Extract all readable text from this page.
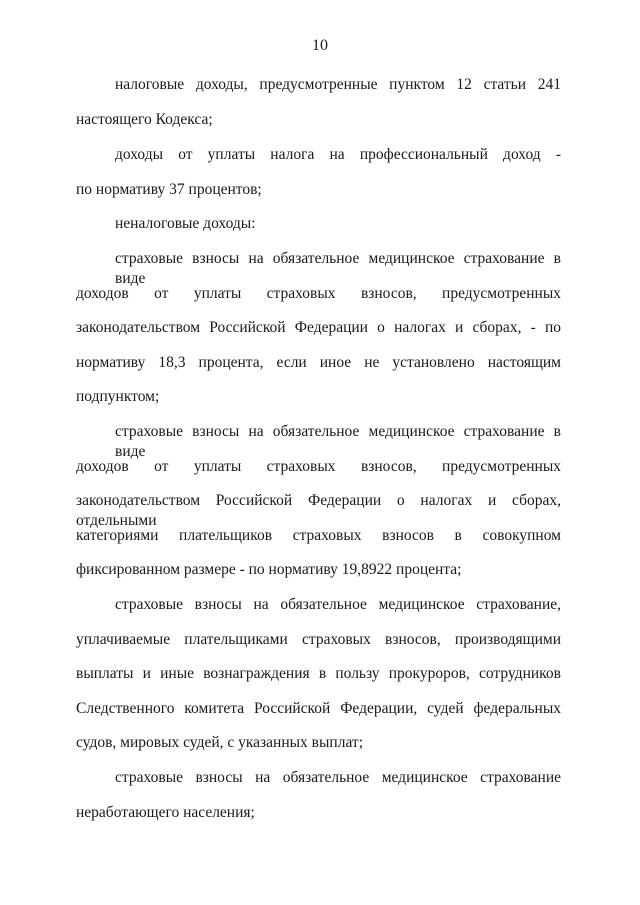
10
налоговые доходы, предусмотренные пунктом 12 статьи 241
настоящего Кодекса;
доходы от уплаты налога на профессиональный доход -
по нормативу 37 процентов;
неналоговые доходы:
страховые взносы на обязательное медицинское страхование в виде
доходов от уплаты страховых взносов, предусмотренных
законодательством Российской Федерации о налогах и сборах, - по
нормативу 18,3 процента, если иное не установлено настоящим
подпунктом;
страховые взносы на обязательное медицинское страхование в виде
доходов от уплаты страховых взносов, предусмотренных
законодательством Российской Федерации о налогах и сборах, отдельными
категориями плательщиков страховых взносов в совокупном
фиксированном размере - по нормативу 19,8922 процента;
страховые взносы на обязательное медицинское страхование,
уплачиваемые плательщиками страховых взносов, производящими
выплаты и иные вознаграждения в пользу прокуроров, сотрудников
Следственного комитета Российской Федерации, судей федеральных
судов, мировых судей, с указанных выплат;
страховые взносы на обязательное медицинское страхование
неработающего населения;
